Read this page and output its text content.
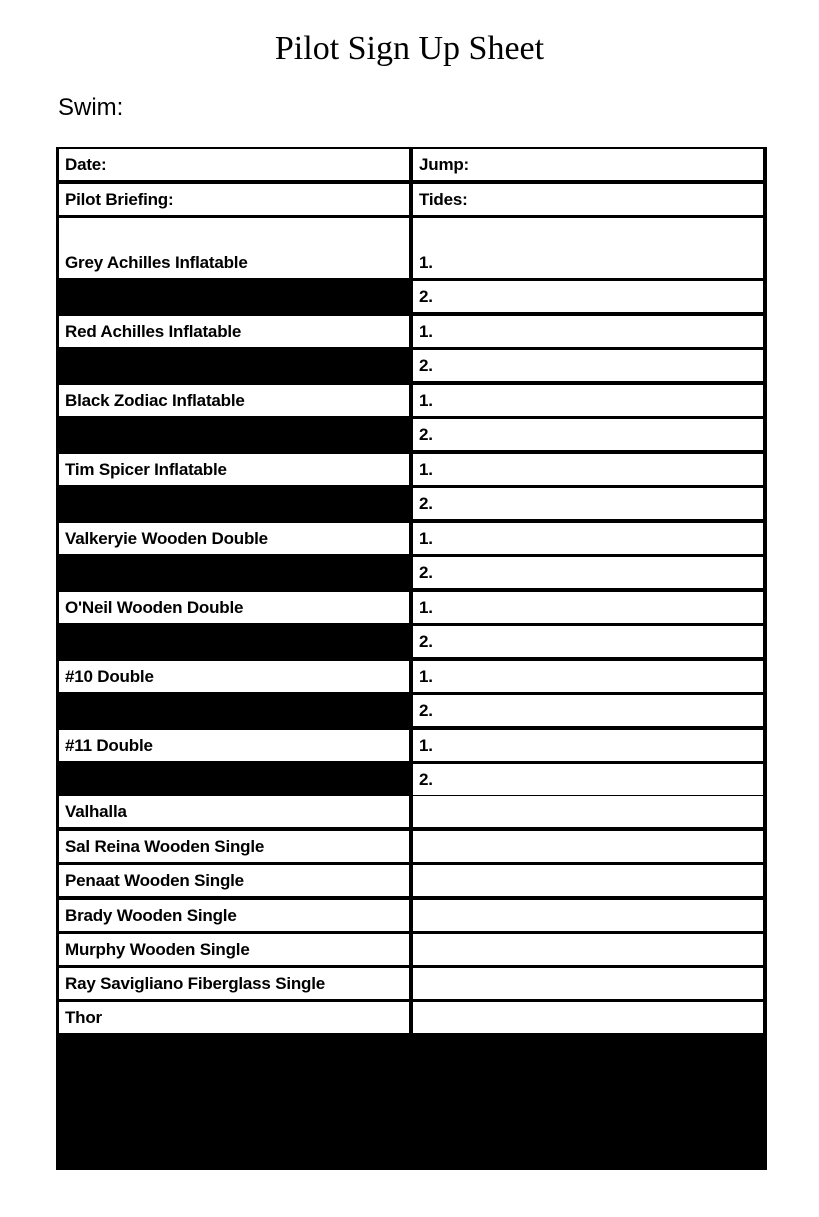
Pilot Sign Up Sheet
Swim:
Date:	Jump:
Pilot Briefing:	Tides:
Grey Achilles Inflatable	1.
2.
Red Achilles Inflatable	1.
2.
Black Zodiac Inflatable	1.
2.
Tim Spicer Inflatable	1.
2.
Valkeryie Wooden Double	1.
2.
O'Neil Wooden Double	1.
2.
#10 Double	1.
2.
#11 Double	1.
2.
Valhalla
Sal Reina Wooden Single
Penaat Wooden Single
Brady Wooden Single
Murphy Wooden Single
Ray Savigliano Fiberglass Single
Thor
